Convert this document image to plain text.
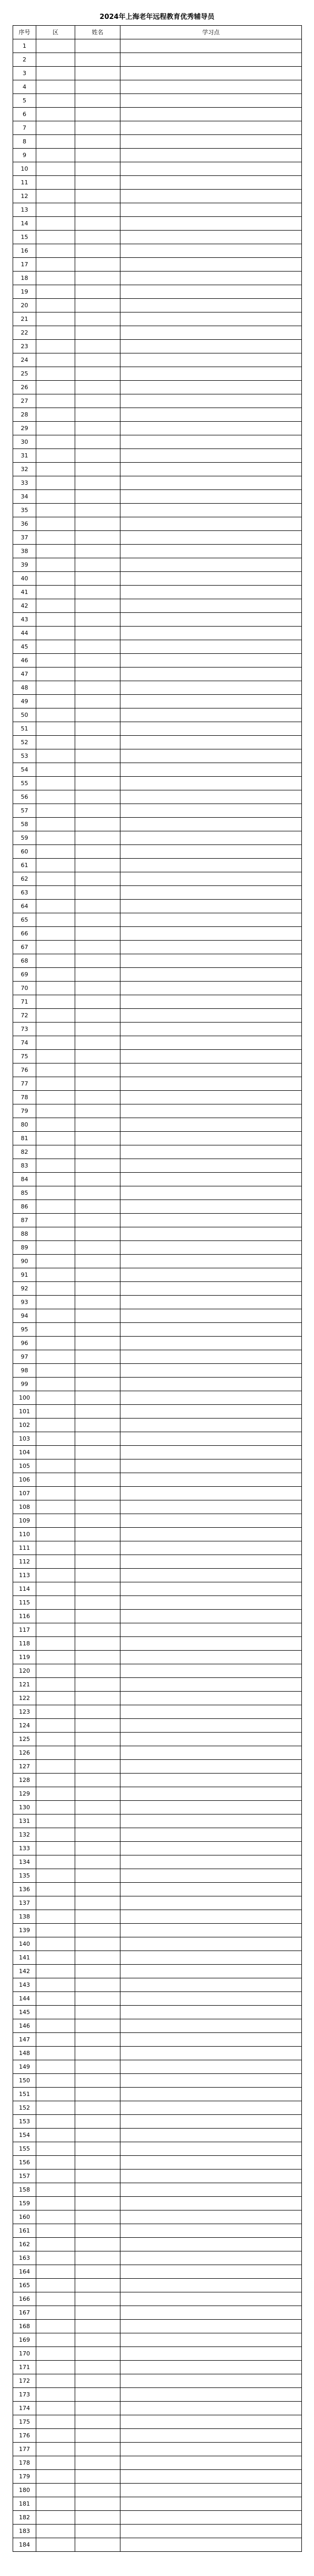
2024年上海老年远程教育优秀辅导员
序号	区	姓名	学习点
1			
2			
3			
4			
5			
6			
7			
8			
9			
10			
11			
12			
13			
14			
15			
16			
17			
18			
19			
20			
21			
22			
23			
24			
25			
26			
27			
28			
29			
30			
31			
32			
33			
34			
35			
36			
37			
38			
39			
40			
41			
42			
43			
44			
45			
46			
47			
48			
49			
50			
51			
52			
53			
54			
55			
56			
57			
58			
59			
60			
61			
62			
63			
64			
65			
66			
67			
68			
69			
70			
71			
72			
73			
74			
75			
76			
77			
78			
79			
80			
81			
82			
83			
84			
85			
86			
87			
88			
89			
90			
91			
92			
93			
94			
95			
96			
97			
98			
99			
100			
101			
102			
103			
104			
105			
106			
107			
108			
109			
110			
111			
112			
113			
114			
115			
116			
117			
118			
119			
120			
121			
122			
123			
124			
125			
126			
127			
128			
129			
130			
131			
132			
133			
134			
135			
136			
137			
138			
139			
140			
141			
142			
143			
144			
145			
146			
147			
148			
149			
150			
151			
152			
153			
154			
155			
156			
157			
158			
159			
160			
161			
162			
163			
164			
165			
166			
167			
168			
169			
170			
171			
172			
173			
174			
175			
176			
177			
178			
179			
180			
181			
182			
183			
184			
